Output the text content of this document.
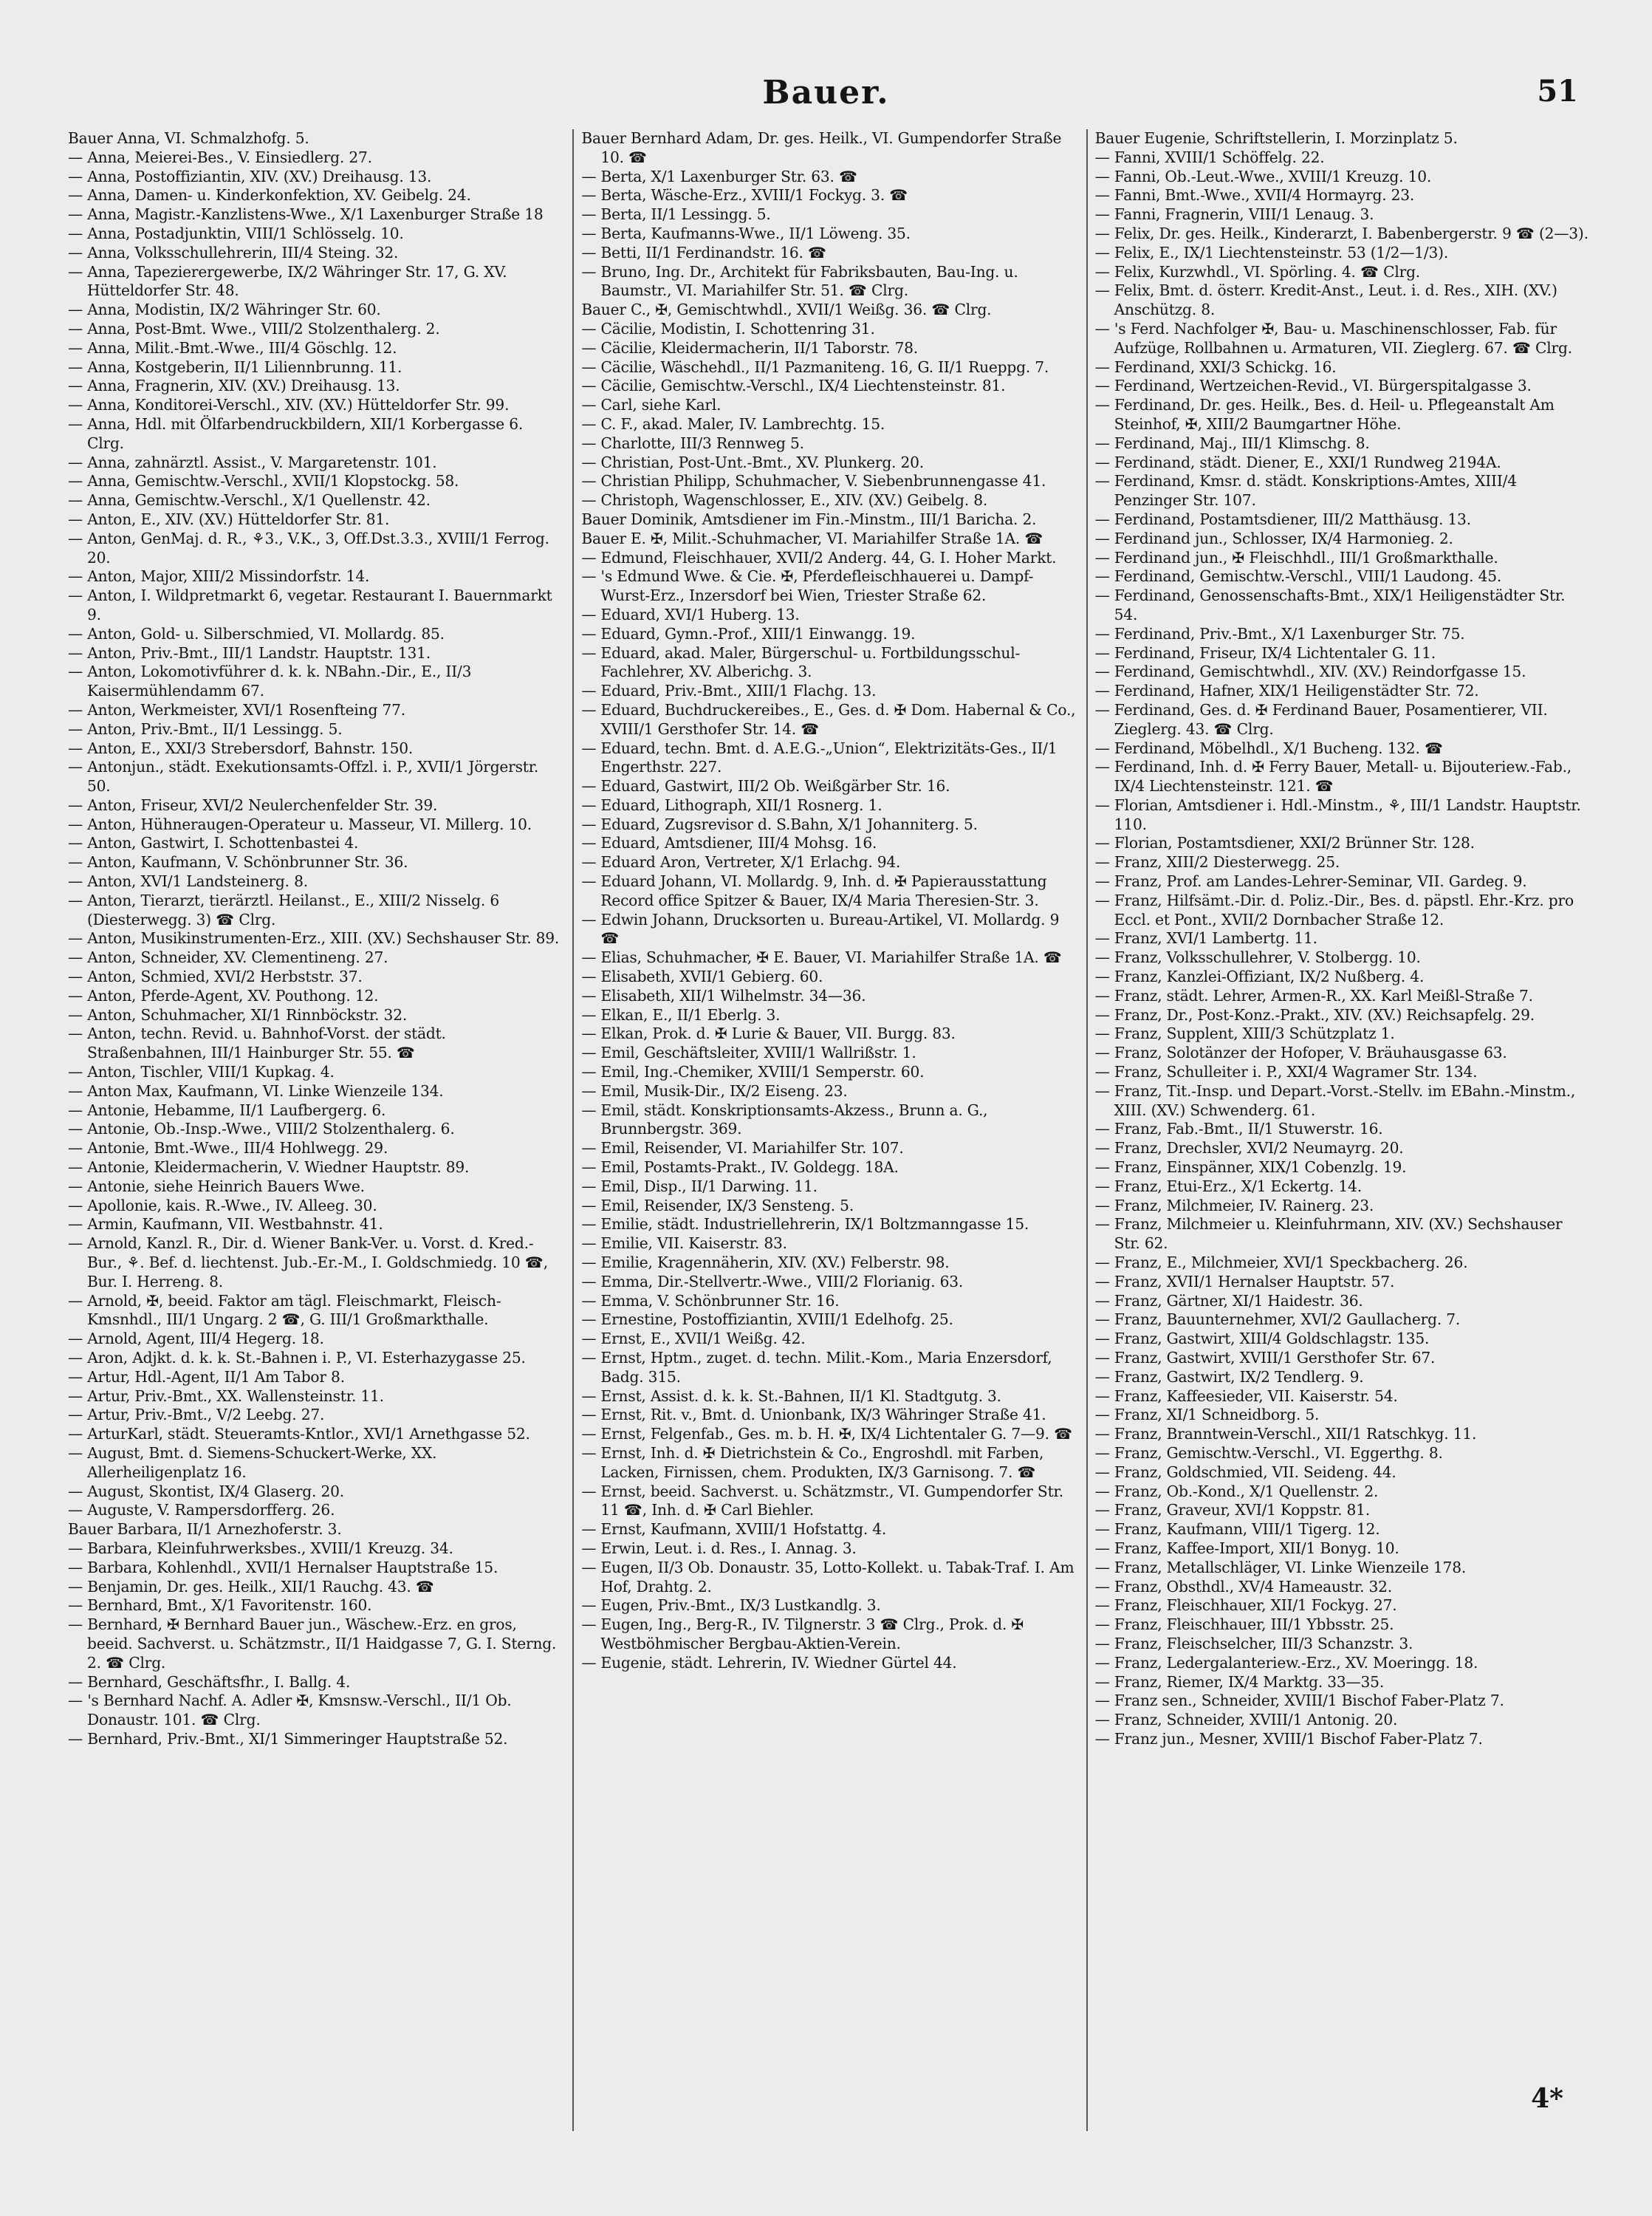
Bauer.	51
Bauer Anna, VI. Schmalzhofg. 5.
— Anna, Meierei-Bes., V. Einsiedlerg. 27.
— Anna, Postoffiziantin, XIV. (XV.) Dreihausg. 13.
— Anna, Damen- u. Kinderkonfektion, XV. Geibelg. 24.
— Anna, Magistr.-Kanzlistens-Wwe., X/1 Laxenburger Straße 18
— Anna, Postadjunktin, VIII/1 Schlösselg. 10.
— Anna, Volksschullehrerin, III/4 Steing. 32.
— Anna, Tapezierergewerbe, IX/2 Währinger Str. 17, G. XV. Hütteldorfer Str. 48.
— Anna, Modistin, IX/2 Währinger Str. 60.
— Anna, Post-Bmt. Wwe., VIII/2 Stolzenthalerg. 2.
— Anna, Milit.-Bmt.-Wwe., III/4 Göschlg. 12.
— Anna, Kostgeberin, II/1 Liliennbrunng. 11.
— Anna, Fragnerin, XIV. (XV.) Dreihausg. 13.
— Anna, Konditorei-Verschl., XIV. (XV.) Hütteldorfer Str. 99.
— Anna, Hdl. mit Ölfarbendruckbildern, XII/1 Korbergasse 6. Clrg.
— Anna, zahnärztl. Assist., V. Margaretenstr. 101.
— Anna, Gemischtw.-Verschl., XVII/1 Klopstockg. 58.
— Anna, Gemischtw.-Verschl., X/1 Quellenstr. 42.
— Anton, E., XIV. (XV.) Hütteldorfer Str. 81.
— Anton, GenMaj. d. R., ⚘3., V.K., 3, Off.Dst.3.3., XVIII/1 Ferrog. 20.
— Anton, Major, XIII/2 Missindorfstr. 14.
— Anton, I. Wildpretmarkt 6, vegetar. Restaurant I. Bauernmarkt 9.
— Anton, Gold- u. Silberschmied, VI. Mollardg. 85.
— Anton, Priv.-Bmt., III/1 Landstr. Hauptstr. 131.
— Anton, Lokomotivführer d. k. k. NBahn.-Dir., E., II/3 Kaisermühlendamm 67.
— Anton, Werkmeister, XVI/1 Rosenfteing 77.
— Anton, Priv.-Bmt., II/1 Lessingg. 5.
— Anton, E., XXI/3 Strebersdorf, Bahnstr. 150.
— Antonjun., städt. Exekutionsamts-Offzl. i. P., XVII/1 Jörgerstr. 50.
— Anton, Friseur, XVI/2 Neulerchenfelder Str. 39.
— Anton, Hühneraugen-Operateur u. Masseur, VI. Millerg. 10.
— Anton, Gastwirt, I. Schottenbastei 4.
— Anton, Kaufmann, V. Schönbrunner Str. 36.
— Anton, XVI/1 Landsteinerg. 8.
— Anton, Tierarzt, tierärztl. Heilanst., E., XIII/2 Nisselg. 6 (Diesterwegg. 3) ☎ Clrg.
— Anton, Musikinstrumenten-Erz., XIII. (XV.) Sechshauser Str. 89.
— Anton, Schneider, XV. Clementineng. 27.
— Anton, Schmied, XVI/2 Herbststr. 37.
— Anton, Pferde-Agent, XV. Pouthong. 12.
— Anton, Schuhmacher, XI/1 Rinnböckstr. 32.
— Anton, techn. Revid. u. Bahnhof-Vorst. der städt. Straßenbahnen, III/1 Hainburger Str. 55. ☎
— Anton, Tischler, VIII/1 Kupkag. 4.
— Anton Max, Kaufmann, VI. Linke Wienzeile 134.
— Antonie, Hebamme, II/1 Laufbergerg. 6.
— Antonie, Ob.-Insp.-Wwe., VIII/2 Stolzenthalerg. 6.
— Antonie, Bmt.-Wwe., III/4 Hohlwegg. 29.
— Antonie, Kleidermacherin, V. Wiedner Hauptstr. 89.
— Antonie, siehe Heinrich Bauers Wwe.
— Apollonie, kais. R.-Wwe., IV. Alleeg. 30.
— Armin, Kaufmann, VII. Westbahnstr. 41.
— Arnold, Kanzl. R., Dir. d. Wiener Bank-Ver. u. Vorst. d. Kred.-Bur., ⚘. Bef. d. liechtenst. Jub.-Er.-M., I. Goldschmiedg. 10 ☎, Bur. I. Herreng. 8.
— Arnold, ✠, beeid. Faktor am tägl. Fleischmarkt, Fleisch-Kmsnhdl., III/1 Ungarg. 2 ☎, G. III/1 Großmarkthalle.
— Arnold, Agent, III/4 Hegerg. 18.
— Aron, Adjkt. d. k. k. St.-Bahnen i. P., VI. Esterhazygasse 25.
— Artur, Hdl.-Agent, II/1 Am Tabor 8.
— Artur, Priv.-Bmt., XX. Wallensteinstr. 11.
— Artur, Priv.-Bmt., V/2 Leebg. 27.
— ArturKarl, städt. Steueramts-Kntlor., XVI/1 Arnethgasse 52.
— August, Bmt. d. Siemens-Schuckert-Werke, XX. Allerheiligenplatz 16.
— August, Skontist, IX/4 Glaserg. 20.
— Auguste, V. Rampersdorfferg. 26.
Bauer Barbara, II/1 Arnezhoferstr. 3.
— Barbara, Kleinfuhrwerksbes., XVIII/1 Kreuzg. 34.
— Barbara, Kohlenhdl., XVII/1 Hernalser Hauptstraße 15.
— Benjamin, Dr. ges. Heilk., XII/1 Rauchg. 43. ☎
— Bernhard, Bmt., X/1 Favoritenstr. 160.
— Bernhard, ✠ Bernhard Bauer jun., Wäschew.-Erz. en gros, beeid. Sachverst. u. Schätzmstr., II/1 Haidgasse 7, G. I. Sterng. 2. ☎ Clrg.
— Bernhard, Geschäftsfhr., I. Ballg. 4.
— 's Bernhard Nachf. A. Adler ✠, Kmsnsw.-Verschl., II/1 Ob. Donaustr. 101. ☎ Clrg.
— Bernhard, Priv.-Bmt., XI/1 Simmeringer Hauptstraße 52.
Bauer Bernhard Adam, Dr. ges. Heilk., VI. Gumpendorfer Straße 10. ☎
— Berta, X/1 Laxenburger Str. 63. ☎
— Berta, Wäsche-Erz., XVIII/1 Fockyg. 3. ☎
— Berta, II/1 Lessingg. 5.
— Berta, Kaufmanns-Wwe., II/1 Löweng. 35.
— Betti, II/1 Ferdinandstr. 16. ☎
— Bruno, Ing. Dr., Architekt für Fabriksbauten, Bau-Ing. u. Baumstr., VI. Mariahilfer Str. 51. ☎ Clrg.
Bauer C., ✠, Gemischtwhdl., XVII/1 Weißg. 36. ☎ Clrg.
— Cäcilie, Modistin, I. Schottenring 31.
— Cäcilie, Kleidermacherin, II/1 Taborstr. 78.
— Cäcilie, Wäschehdl., II/1 Pazmaniteng. 16, G. II/1 Rueppg. 7.
— Cäcilie, Gemischtw.-Verschl., IX/4 Liechtensteinstr. 81.
— Carl, siehe Karl.
— C. F., akad. Maler, IV. Lambrechtg. 15.
— Charlotte, III/3 Rennweg 5.
— Christian, Post-Unt.-Bmt., XV. Plunkerg. 20.
— Christian Philipp, Schuhmacher, V. Siebenbrunnengasse 41.
— Christoph, Wagenschlosser, E., XIV. (XV.) Geibelg. 8.
Bauer Dominik, Amtsdiener im Fin.-Minstm., III/1 Baricha. 2.
Bauer E. ✠, Milit.-Schuhmacher, VI. Mariahilfer Straße 1A. ☎
— Edmund, Fleischhauer, XVII/2 Anderg. 44, G. I. Hoher Markt.
— 's Edmund Wwe. & Cie. ✠, Pferdefleischhauerei u. Dampf-Wurst-Erz., Inzersdorf bei Wien, Triester Straße 62.
— Eduard, XVI/1 Huberg. 13.
— Eduard, Gymn.-Prof., XIII/1 Einwangg. 19.
— Eduard, akad. Maler, Bürgerschul- u. Fortbildungsschul-Fachlehrer, XV. Alberichg. 3.
— Eduard, Priv.-Bmt., XIII/1 Flachg. 13.
— Eduard, Buchdruckereibes., E., Ges. d. ✠ Dom. Habernal & Co., XVIII/1 Gersthofer Str. 14. ☎
— Eduard, techn. Bmt. d. A.E.G.-„Union“, Elektrizitäts-Ges., II/1 Engerthstr. 227.
— Eduard, Gastwirt, III/2 Ob. Weißgärber Str. 16.
— Eduard, Lithograph, XII/1 Rosnerg. 1.
— Eduard, Zugsrevisor d. S.Bahn, X/1 Johanniterg. 5.
— Eduard, Amtsdiener, III/4 Mohsg. 16.
— Eduard Aron, Vertreter, X/1 Erlachg. 94.
— Eduard Johann, VI. Mollardg. 9, Inh. d. ✠ Papierausstattung Record office Spitzer & Bauer, IX/4 Maria Theresien-Str. 3.
— Edwin Johann, Drucksorten u. Bureau-Artikel, VI. Mollardg. 9 ☎
— Elias, Schuhmacher, ✠ E. Bauer, VI. Mariahilfer Straße 1A. ☎
— Elisabeth, XVII/1 Gebierg. 60.
— Elisabeth, XII/1 Wilhelmstr. 34—36.
— Elkan, E., II/1 Eberlg. 3.
— Elkan, Prok. d. ✠ Lurie & Bauer, VII. Burgg. 83.
— Emil, Geschäftsleiter, XVIII/1 Wallrißstr. 1.
— Emil, Ing.-Chemiker, XVIII/1 Semperstr. 60.
— Emil, Musik-Dir., IX/2 Eiseng. 23.
— Emil, städt. Konskriptionsamts-Akzess., Brunn a. G., Brunnbergstr. 369.
— Emil, Reisender, VI. Mariahilfer Str. 107.
— Emil, Postamts-Prakt., IV. Goldegg. 18A.
— Emil, Disp., II/1 Darwing. 11.
— Emil, Reisender, IX/3 Sensteng. 5.
— Emilie, städt. Industriellehrerin, IX/1 Boltzmanngasse 15.
— Emilie, VII. Kaiserstr. 83.
— Emilie, Kragennäherin, XIV. (XV.) Felberstr. 98.
— Emma, Dir.-Stellvertr.-Wwe., VIII/2 Florianig. 63.
— Emma, V. Schönbrunner Str. 16.
— Ernestine, Postoffiziantin, XVIII/1 Edelhofg. 25.
— Ernst, E., XVII/1 Weißg. 42.
— Ernst, Hptm., zuget. d. techn. Milit.-Kom., Maria Enzersdorf, Badg. 315.
— Ernst, Assist. d. k. k. St.-Bahnen, II/1 Kl. Stadtgutg. 3.
— Ernst, Rit. v., Bmt. d. Unionbank, IX/3 Währinger Straße 41.
— Ernst, Felgenfab., Ges. m. b. H. ✠, IX/4 Lichtentaler G. 7—9. ☎
— Ernst, Inh. d. ✠ Dietrichstein & Co., Engroshdl. mit Farben, Lacken, Firnissen, chem. Produkten, IX/3 Garnisong. 7. ☎
— Ernst, beeid. Sachverst. u. Schätzmstr., VI. Gumpendorfer Str. 11 ☎, Inh. d. ✠ Carl Biehler.
— Ernst, Kaufmann, XVIII/1 Hofstattg. 4.
— Erwin, Leut. i. d. Res., I. Annag. 3.
— Eugen, II/3 Ob. Donaustr. 35, Lotto-Kollekt. u. Tabak-Traf. I. Am Hof, Drahtg. 2.
— Eugen, Priv.-Bmt., IX/3 Lustkandlg. 3.
— Eugen, Ing., Berg-R., IV. Tilgnerstr. 3 ☎ Clrg., Prok. d. ✠ Westböhmischer Bergbau-Aktien-Verein.
— Eugenie, städt. Lehrerin, IV. Wiedner Gürtel 44.
Bauer Eugenie, Schriftstellerin, I. Morzinplatz 5.
— Fanni, XVIII/1 Schöffelg. 22.
— Fanni, Ob.-Leut.-Wwe., XVIII/1 Kreuzg. 10.
— Fanni, Bmt.-Wwe., XVII/4 Hormayrg. 23.
— Fanni, Fragnerin, VIII/1 Lenaug. 3.
— Felix, Dr. ges. Heilk., Kinderarzt, I. Babenbergerstr. 9 ☎ (2—3).
— Felix, E., IX/1 Liechtensteinstr. 53 (1/2—1/3).
— Felix, Kurzwhdl., VI. Spörling. 4. ☎ Clrg.
— Felix, Bmt. d. österr. Kredit-Anst., Leut. i. d. Res., XIH. (XV.) Anschützg. 8.
— 's Ferd. Nachfolger ✠, Bau- u. Maschinenschlosser, Fab. für Aufzüge, Rollbahnen u. Armaturen, VII. Zieglerg. 67. ☎ Clrg.
— Ferdinand, XXI/3 Schickg. 16.
— Ferdinand, Wertzeichen-Revid., VI. Bürgerspitalgasse 3.
— Ferdinand, Dr. ges. Heilk., Bes. d. Heil- u. Pflegeanstalt Am Steinhof, ✠, XIII/2 Baumgartner Höhe.
— Ferdinand, Maj., III/1 Klimschg. 8.
— Ferdinand, städt. Diener, E., XXI/1 Rundweg 2194A.
— Ferdinand, Kmsr. d. städt. Konskriptions-Amtes, XIII/4 Penzinger Str. 107.
— Ferdinand, Postamtsdiener, III/2 Matthäusg. 13.
— Ferdinand jun., Schlosser, IX/4 Harmonieg. 2.
— Ferdinand jun., ✠ Fleischhdl., III/1 Großmarkthalle.
— Ferdinand, Gemischtw.-Verschl., VIII/1 Laudong. 45.
— Ferdinand, Genossenschafts-Bmt., XIX/1 Heiligenstädter Str. 54.
— Ferdinand, Priv.-Bmt., X/1 Laxenburger Str. 75.
— Ferdinand, Friseur, IX/4 Lichtentaler G. 11.
— Ferdinand, Gemischtwhdl., XIV. (XV.) Reindorfgasse 15.
— Ferdinand, Hafner, XIX/1 Heiligenstädter Str. 72.
— Ferdinand, Ges. d. ✠ Ferdinand Bauer, Posamentierer, VII. Zieglerg. 43. ☎ Clrg.
— Ferdinand, Möbelhdl., X/1 Bucheng. 132. ☎
— Ferdinand, Inh. d. ✠ Ferry Bauer, Metall- u. Bijouteriew.-Fab., IX/4 Liechtensteinstr. 121. ☎
— Florian, Amtsdiener i. Hdl.-Minstm., ⚘, III/1 Landstr. Hauptstr. 110.
— Florian, Postamtsdiener, XXI/2 Brünner Str. 128.
— Franz, XIII/2 Diesterwegg. 25.
— Franz, Prof. am Landes-Lehrer-Seminar, VII. Gardeg. 9.
— Franz, Hilfsämt.-Dir. d. Poliz.-Dir., Bes. d. päpstl. Ehr.-Krz. pro Eccl. et Pont., XVII/2 Dornbacher Straße 12.
— Franz, XVI/1 Lambertg. 11.
— Franz, Volksschullehrer, V. Stolbergg. 10.
— Franz, Kanzlei-Offiziant, IX/2 Nußberg. 4.
— Franz, städt. Lehrer, Armen-R., XX. Karl Meißl-Straße 7.
— Franz, Dr., Post-Konz.-Prakt., XIV. (XV.) Reichsapfelg. 29.
— Franz, Supplent, XIII/3 Schützplatz 1.
— Franz, Solotänzer der Hofoper, V. Bräuhausgasse 63.
— Franz, Schulleiter i. P., XXI/4 Wagramer Str. 134.
— Franz, Tit.-Insp. und Depart.-Vorst.-Stellv. im EBahn.-Minstm., XIII. (XV.) Schwenderg. 61.
— Franz, Fab.-Bmt., II/1 Stuwerstr. 16.
— Franz, Drechsler, XVI/2 Neumayrg. 20.
— Franz, Einspänner, XIX/1 Cobenzlg. 19.
— Franz, Etui-Erz., X/1 Eckertg. 14.
— Franz, Milchmeier, IV. Rainerg. 23.
— Franz, Milchmeier u. Kleinfuhrmann, XIV. (XV.) Sechshauser Str. 62.
— Franz, E., Milchmeier, XVI/1 Speckbacherg. 26.
— Franz, XVII/1 Hernalser Hauptstr. 57.
— Franz, Gärtner, XI/1 Haidestr. 36.
— Franz, Bauunternehmer, XVI/2 Gaullacherg. 7.
— Franz, Gastwirt, XIII/4 Goldschlagstr. 135.
— Franz, Gastwirt, XVIII/1 Gersthofer Str. 67.
— Franz, Gastwirt, IX/2 Tendlerg. 9.
— Franz, Kaffeesieder, VII. Kaiserstr. 54.
— Franz, XI/1 Schneidborg. 5.
— Franz, Branntwein-Verschl., XII/1 Ratschkyg. 11.
— Franz, Gemischtw.-Verschl., VI. Eggerthg. 8.
— Franz, Goldschmied, VII. Seideng. 44.
— Franz, Ob.-Kond., X/1 Quellenstr. 2.
— Franz, Graveur, XVI/1 Koppstr. 81.
— Franz, Kaufmann, VIII/1 Tigerg. 12.
— Franz, Kaffee-Import, XII/1 Bonyg. 10.
— Franz, Metallschläger, VI. Linke Wienzeile 178.
— Franz, Obsthdl., XV/4 Hameaustr. 32.
— Franz, Fleischhauer, XII/1 Fockyg. 27.
— Franz, Fleischhauer, III/1 Ybbsstr. 25.
— Franz, Fleischselcher, III/3 Schanzstr. 3.
— Franz, Ledergalanteriew.-Erz., XV. Moeringg. 18.
— Franz, Riemer, IX/4 Marktg. 33—35.
— Franz sen., Schneider, XVIII/1 Bischof Faber-Platz 7.
— Franz, Schneider, XVIII/1 Antonig. 20.
— Franz jun., Mesner, XVIII/1 Bischof Faber-Platz 7.
4*
